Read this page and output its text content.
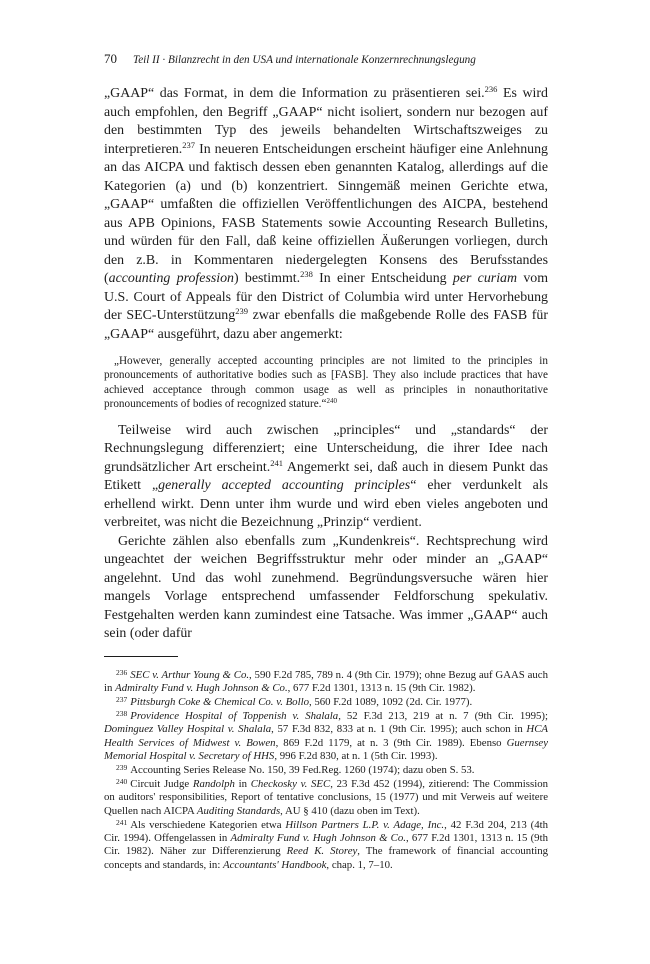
70 Teil II · Bilanzrecht in den USA und internationale Konzernrechnungslegung

„GAAP“ das Format, in dem die Information zu präsentieren sei.$^{236}$ Es wird auch empfohlen, den Begriff „GAAP“ nicht isoliert, sondern nur bezogen auf den bestimmten Typ des jeweils behandelten Wirtschaftszweiges zu interpretieren.$^{237}$ In neueren Entscheidungen erscheint häufiger eine Anlehnung an das AICPA und faktisch dessen eben genannten Katalog, allerdings auf die Kategorien (a) und (b) konzentriert. Sinngemäß meinen Gerichte etwa, „GAAP“ umfaßten die offiziellen Veröffentlichungen des AICPA, bestehend aus APB Opinions, FASB Statements sowie Accounting Research Bulletins, und würden für den Fall, daß keine offiziellen Äußerungen vorliegen, durch den z.B. in Kommentaren niedergelegten Konsens des Berufsstandes (accounting profession) bestimmt.$^{238}$ In einer Entscheidung per curiam vom U.S. Court of Appeals für den District of Columbia wird unter Hervorhebung der SEC-Unterstützung$^{239}$ zwar ebenfalls die maßgebende Rolle des FASB für „GAAP“ ausgeführt, dazu aber angemerkt:

„However, generally accepted accounting principles are not limited to the principles in pronouncements of authoritative bodies such as [FASB]. They also include practices that have achieved acceptance through common usage as well as principles in nonauthoritative pronouncements of bodies of recognized stature.“$^{240}$

Teilweise wird auch zwischen „principles“ und „standards“ der Rechnungslegung differenziert; eine Unterscheidung, die ihrer Idee nach grundsätzlicher Art erscheint.$^{241}$ Angemerkt sei, daß auch in diesem Punkt das Etikett „generally accepted accounting principles“ eher verdunkelt als erhellend wirkt. Denn unter ihm wurde und wird eben vieles angeboten und verbreitet, was nicht die Bezeichnung „Prinzip“ verdient.

Gerichte zählen also ebenfalls zum „Kundenkreis“. Rechtsprechung wird ungeachtet der weichen Begriffsstruktur mehr oder minder an „GAAP“ angelehnt. Und das wohl zunehmend. Begründungsversuche wären hier mangels Vorlage entsprechend umfassender Feldforschung spekulativ. Festgehalten werden kann zumindest eine Tatsache. Was immer „GAAP“ auch sein (oder dafür

$^{236}$ SEC v. Arthur Young & Co., 590 F.2d 785, 789 n. 4 (9th Cir. 1979); ohne Bezug auf GAAS auch in Admiralty Fund v. Hugh Johnson & Co., 677 F.2d 1301, 1313 n. 15 (9th Cir. 1982).

$^{237}$ Pittsburgh Coke & Chemical Co. v. Bollo, 560 F.2d 1089, 1092 (2d. Cir. 1977).

$^{238}$ Providence Hospital of Toppenish v. Shalala, 52 F.3d 213, 219 at n. 7 (9th Cir. 1995); Dominguez Valley Hospital v. Shalala, 57 F.3d 832, 833 at n. 1 (9th Cir. 1995); auch schon in HCA Health Services of Midwest v. Bowen, 869 F.2d 1179, at n. 3 (9th Cir. 1989). Ebenso Guernsey Memorial Hospital v. Secretary of HHS, 996 F.2d 830, at n. 1 (5th Cir. 1993).

$^{239}$ Accounting Series Release No. 150, 39 Fed.Reg. 1260 (1974); dazu oben S. 53.

$^{240}$ Circuit Judge Randolph in Checkosky v. SEC, 23 F.3d 452 (1994), zitierend: The Commission on auditors' responsibilities, Report of tentative conclusions, 15 (1977) und mit Verweis auf weitere Quellen nach AICPA Auditing Standards, AU § 410 (dazu oben im Text).

$^{241}$ Als verschiedene Kategorien etwa Hillson Partners L.P. v. Adage, Inc., 42 F.3d 204, 213 (4th Cir. 1994). Offengelassen in Admiralty Fund v. Hugh Johnson & Co., 677 F.2d 1301, 1313 n. 15 (9th Cir. 1982). Näher zur Differenzierung Reed K. Storey, The framework of financial accounting concepts and standards, in: Accountants' Handbook, chap. 1, 7–10.
